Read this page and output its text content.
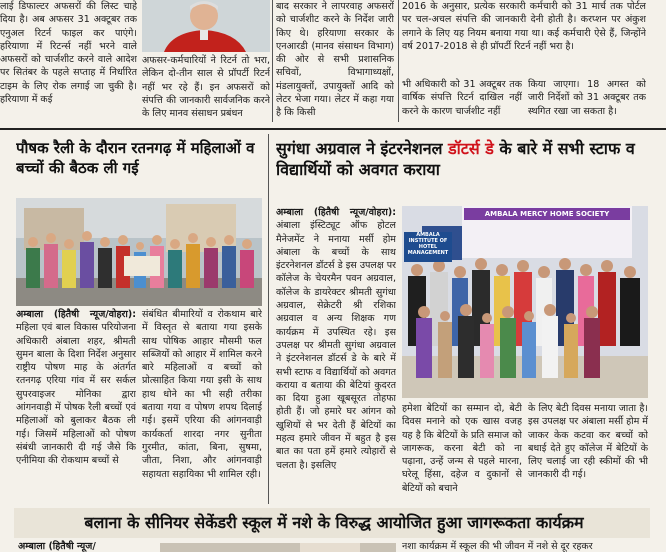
लाई डिफाल्टर अफसरों की लिस्ट चाहे दिया है। अब अफसर 31 अक्टूबर तक एनुअल रिटर्न फाइल कर पाएंगे। हरियाणा में रिटर्न्स नहीं भरने वाले अफसरों को चार्जशीट करने वाले आदेश पर सितंबर के पहले सप्ताह में निर्धारित टाइम के लिए रोक लगाई जा चुकी है। हरियाणा में कई

अफसर-कर्मचारियों ने रिटर्न तो भरा, लेकिन दो-तीन साल से प्रॉपर्टी रिटर्न नहीं भर रहे हैं। इन अफसरों को संपत्ति की जानकारी सार्वजनिक करने के लिए मानव संसाधन प्रबंधन

बाद सरकार ने लापरवाह अफसरों को चार्जशीट करने के निर्देश जारी किए थे। हरियाणा सरकार के एनआरडी (मानव संसाधन विभाग) की ओर से सभी प्रशासनिक सचिवों, विभागाध्यक्षों, मंडलायुक्तों, उपायुक्तों आदि को लेटर भेजा गया। लेटर में कहा गया है कि किसी

2016 के अनुसार, प्रत्येक सरकारी कर्मचारी को 31 मार्च तक पोर्टल पर चल-अचल संपत्ति की जानकारी देनी होती है। करप्शन पर अंकुश लगाने के लिए यह नियम बनाया गया था। कई कर्मचारी ऐसे हैं, जिन्होंने वर्ष 2017-2018 से ही प्रॉपर्टी रिटर्न नहीं भरा है।

भी अधिकारी को 31 अक्टूबर तक वार्षिक संपत्ति रिटर्न दाखिल नहीं करने के कारण चार्जशीट नहीं

किया जाएगा। 18 अगस्त को जारी निर्देशों को 31 अक्टूबर तक स्थगित रखा जा सकता है।

पौषक रैली के दौरान रतनगढ़ में महिलाओं व बच्चों की बैठक ली गई

अम्बाला (हितैषी न्यूज/वोहरा): महिला एवं बाल विकास परियोजना अधिकारी अंबाला शहर, श्रीमती सुमन बाला के दिशा निर्देश अनुसार राष्ट्रीय पोषण माह के अंतर्गत रतनगढ़ एरिया गांव में सर सर्कल सुपरवाइजर मोनिका द्वारा आंगनवाड़ी में पोषक रैली बच्चों एवं महिलाओं को बुलाकर बैठक ली गई। जिसमें महिलाओं को पोषण संबंधी जानकारी दी गई जैसे कि एनीमिया की रोकथाम बच्चों से

संबंधित बीमारियों व रोकथाम बारे में विस्तृत से बताया गया इसके साथ पोषिक आहार मौसमी फल सब्जियों को आहार में शामिल करने बारे महिलाओं व बच्चों को प्रोत्साहित किया गया इसी के साथ हाथ धोने का भी सही तरीका बताया गया व पोषण शपथ दिलाई गई। इसमें एरिया की आंगनवाड़ी कार्यकर्ता शारदा नगर सुनीता गुरमीत, कांता, बिना, सुषमा, जीता, निशा, और आंगनवाड़ी सहायता सहायिका भी शामिल रही।

सुगंधा अग्रवाल ने इंटरनेशनल डॉटर्स डे के बारे में सभी स्टाफ व विद्यार्थियों को अवगत कराया

अम्बाला (हितैषी न्यूज/वोहरा): अंबाला इंस्टिट्यूट ऑफ होटल मैनेजमेंट ने मनाया मर्सी होम अंबाला के बच्चों के साथ इंटरनेशनल डॉटर्स डे इस उपलक्ष पर कॉलेज के चेयरमैन पवन अग्रवाल, कॉलेज के डायरेक्टर श्रीमती सुगंधा अग्रवाल, सेक्रेटरी श्री रशिका अग्रवाल व अन्य शिक्षक गण कार्यक्रम में उपस्थित रहे। इस उपलक्ष पर श्रीमती सुगंधा अग्रवाल ने इंटरनेशनल डॉटर्स डे के बारे में सभी स्टाफ व विद्यार्थियों को अवगत कराया व बताया की बेटियां कुदरत का दिया हुआ खूबसूरत तोहफा होती हैं। जो हमारे घर आंगन को खुशियों से भर देती हैं बेटियों का महत्व हमारे जीवन में बहुत है इस बात का पता हमें हमारे त्योहारों से चलता है। इसलिए

AMBALA MERCY HOME SOCIETY
AMBALA INSTITUTE OF HOTEL MANAGEMENT

हमेशा बेटियों का सम्मान दो, बेटी दिवस मनाने को एक खास वजह यह है कि बेटियों के प्रति समाज को जागरूक, करना बेटी को ना पढ़ाना, उन्हें जन्म से पहले मारना, घरेलू हिंसा, दहेज व दुकानों से बेटियों को बचाने

के लिए बेटी दिवस मनाया जाता है। इस उपलक्ष पर अंबाला मर्सी होम में जाकर केक कटवा कर बच्चों को बधाई देते हुए कॉलेज में बेटियों के लिए चलाई जा रही स्कीमों की भी जानकारी दी गई।

बलाना के सीनियर सेकेंडरी स्कूल में नशे के विरुद्ध आयोजित हुआ जागरूकता कार्यक्रम
अम्बाला (हितैषी न्यूज/	नशा कार्यक्रम में स्कूल की भी जीवन में नशे से दूर रहकर
